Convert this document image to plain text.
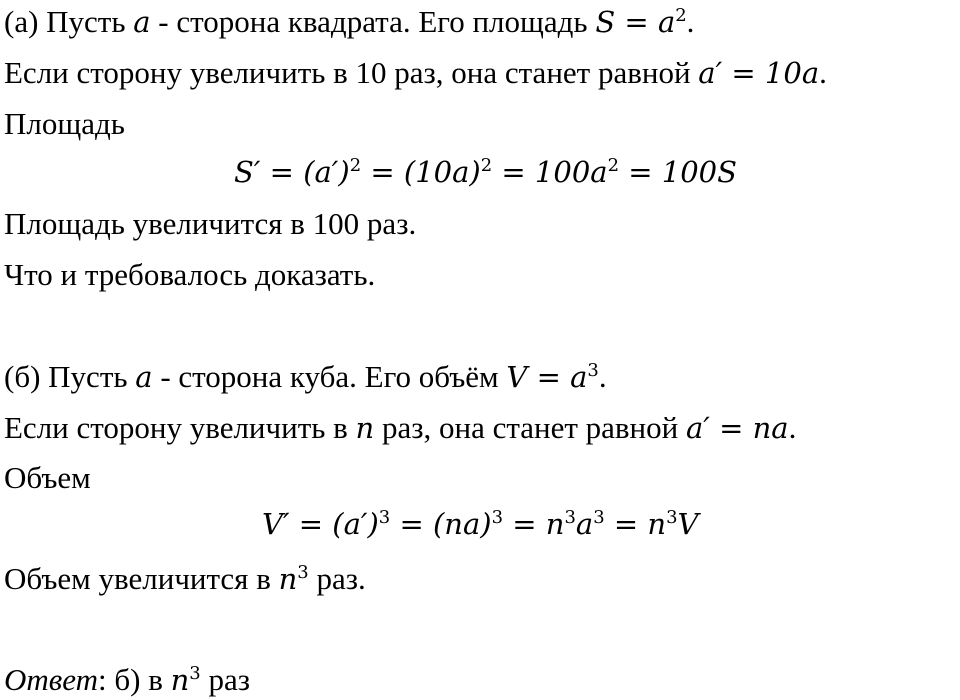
(а) Пусть a - сторона квадрата. Его площадь $S = a^2$.
Если сторону увеличить в 10 раз, она станет равной a′ = 10a.
Площадь
$S' = (a')^2 = (10a)^2 = 100a^2 = 100S$
Площадь увеличится в 100 раз.
Что и требовалось доказать.
(б) Пусть a - сторона куба. Его объём $V = a^3$.
Если сторону увеличить в n раз, она станет равной a′ = na.
Объем
$V' = (a')^3 = (na)^3 = n^3a^3 = n^3V$
Объем увеличится в $n^3$ раз.
Ответ: б) в $n^3$ раз
